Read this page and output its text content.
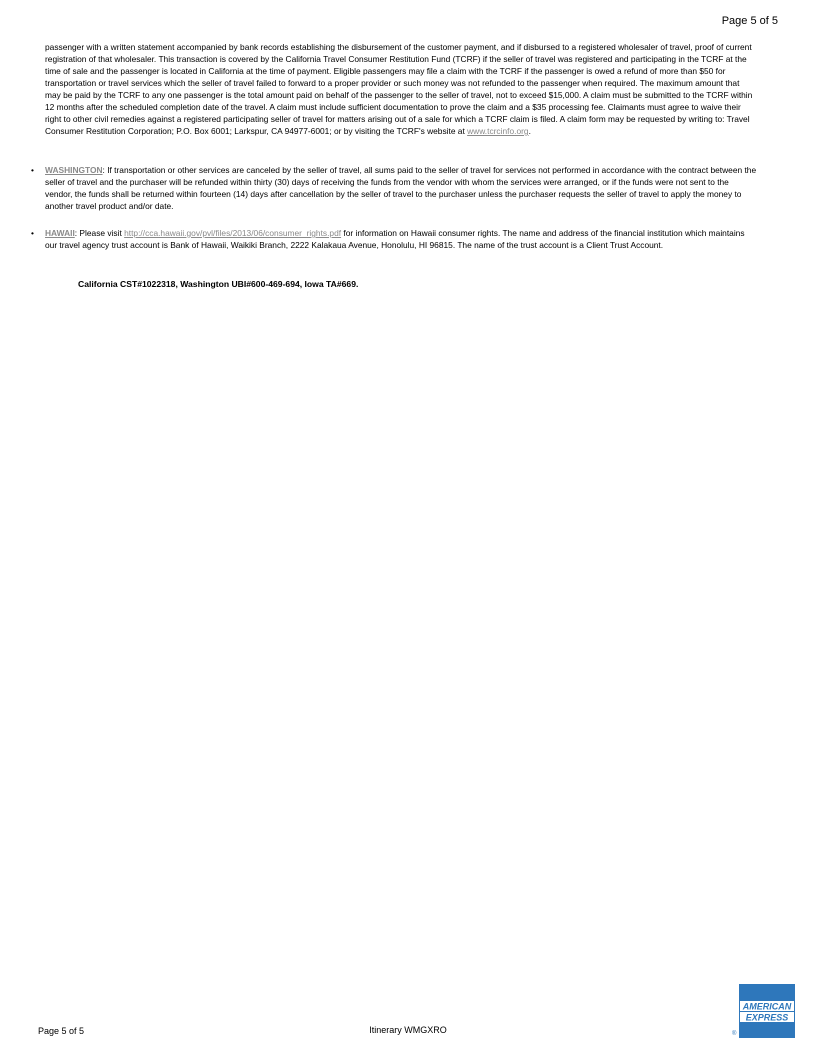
Page 5 of 5
passenger with a written statement accompanied by bank records establishing the disbursement of the customer payment, and if disbursed to a registered wholesaler of travel, proof of current registration of that wholesaler. This transaction is covered by the California Travel Consumer Restitution Fund (TCRF) if the seller of travel was registered and participating in the TCRF at the time of sale and the passenger is located in California at the time of payment. Eligible passengers may file a claim with the TCRF if the passenger is owed a refund of more than $50 for transportation or travel services which the seller of travel failed to forward to a proper provider or such money was not refunded to the passenger when required. The maximum amount that may be paid by the TCRF to any one passenger is the total amount paid on behalf of the passenger to the seller of travel, not to exceed $15,000. A claim must be submitted to the TCRF within 12 months after the scheduled completion date of the travel. A claim must include sufficient documentation to prove the claim and a $35 processing fee. Claimants must agree to waive their right to other civil remedies against a registered participating seller of travel for matters arising out of a sale for which a TCRF claim is filed. A claim form may be requested by writing to: Travel Consumer Restitution Corporation; P.O. Box 6001; Larkspur, CA 94977-6001; or by visiting the TCRF's website at www.tcrcinfo.org.
• WASHINGTON: If transportation or other services are canceled by the seller of travel, all sums paid to the seller of travel for services not performed in accordance with the contract between the seller of travel and the purchaser will be refunded within thirty (30) days of receiving the funds from the vendor with whom the services were arranged, or if the funds were not sent to the vendor, the funds shall be returned within fourteen (14) days after cancellation by the seller of travel to the purchaser unless the purchaser requests the seller of travel to apply the money to another travel product and/or date.
• HAWAII: Please visit http://cca.hawaii.gov/pvl/files/2013/06/consumer_rights.pdf for information on Hawaii consumer rights. The name and address of the financial institution which maintains our travel agency trust account is Bank of Hawaii, Waikiki Branch, 2222 Kalakaua Avenue, Honolulu, HI 96815. The name of the trust account is a Client Trust Account.
California CST#1022318, Washington UBI#600-469-694, Iowa TA#669.
Page 5 of 5	Itinerary WMGXRO
AMERICAN
EXPRESS
®
